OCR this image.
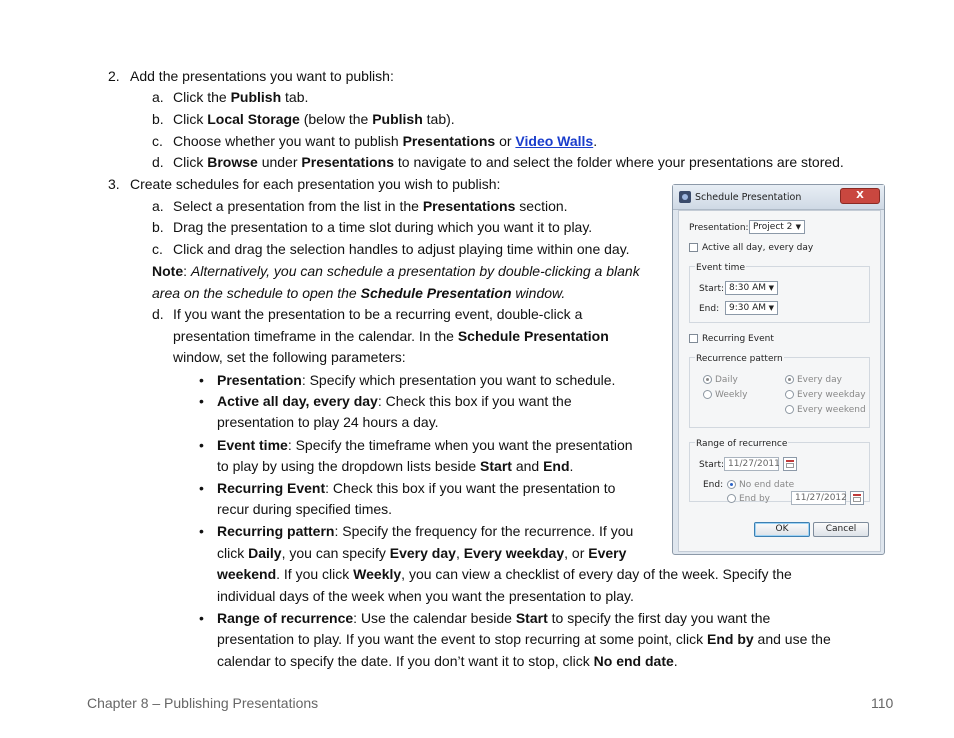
2. Add the presentations you want to publish:
a. Click the Publish tab.
b. Click Local Storage (below the Publish tab).
c. Choose whether you want to publish Presentations or Video Walls.
d. Click Browse under Presentations to navigate to and select the folder where your presentations are stored.
3. Create schedules for each presentation you wish to publish:
a. Select a presentation from the list in the Presentations section.
b. Drag the presentation to a time slot during which you want it to play.
c. Click and drag the selection handles to adjust playing time within one day.
Note: Alternatively, you can schedule a presentation by double-clicking a blank
area on the schedule to open the Schedule Presentation window.
d. If you want the presentation to be a recurring event, double-click a
presentation timeframe in the calendar. In the Schedule Presentation
window, set the following parameters:
• Presentation: Specify which presentation you want to schedule.
• Active all day, every day: Check this box if you want the
presentation to play 24 hours a day.
• Event time: Specify the timeframe when you want the presentation
to play by using the dropdown lists beside Start and End.
• Recurring Event: Check this box if you want the presentation to
recur during specified times.
• Recurring pattern: Specify the frequency for the recurrence. If you
click Daily, you can specify Every day, Every weekday, or Every
weekend. If you click Weekly, you can view a checklist of every day of the week. Specify the
individual days of the week when you want the presentation to play.
• Range of recurrence: Use the calendar beside Start to specify the first day you want the
presentation to play. If you want the event to stop recurring at some point, click End by and use the
calendar to specify the date. If you don’t want it to stop, click No end date.
Schedule Presentation	X
Presentation: Project 2 ▼
Active all day, every day
Event time
Start: 8:30 AM ▼
End:	9:30 AM ▼
Recurring Event
Recurrence pattern
Daily
Weekly
Every day
Every weekday
Every weekend
Range of recurrence
Start: 11/27/2011
End: No end date
End by	11/27/2012
OK	Cancel
Chapter 8 – Publishing Presentations	110
